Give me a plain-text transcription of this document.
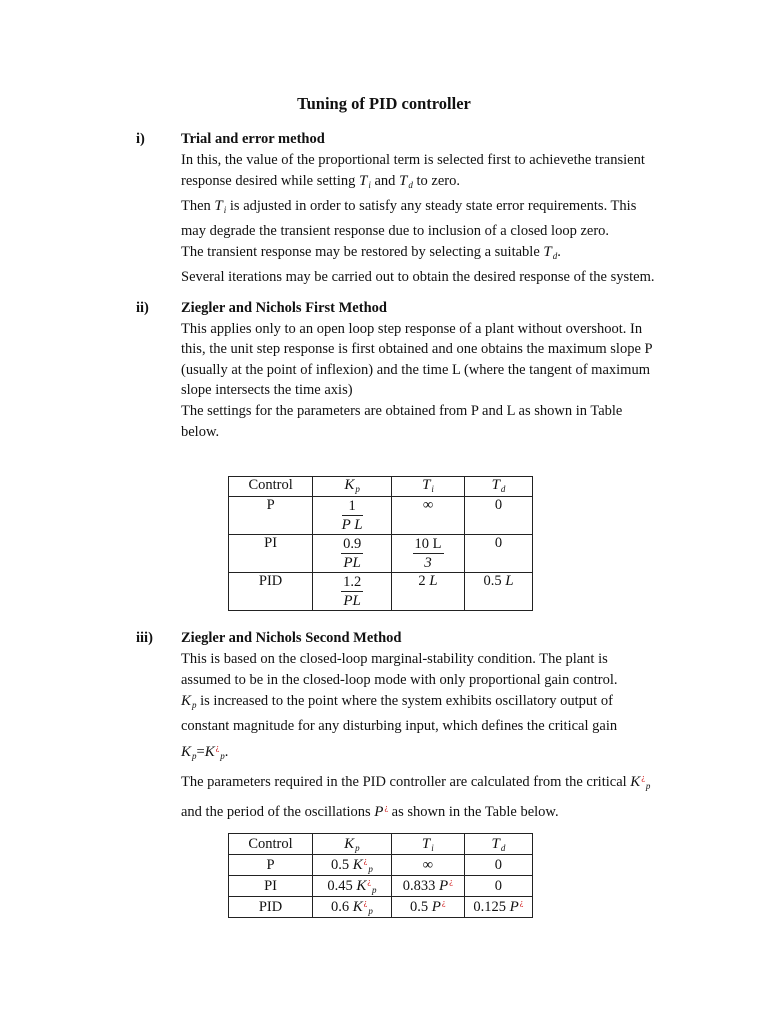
Tuning of PID controller
i) Trial and error method
In this, the value of the proportional term is selected first to achievethe transient
response desired while setting $T_i$ and $T_d$ to zero.
Then $T_i$ is adjusted in order to satisfy any steady state error requirements. This
may degrade the transient response due to inclusion of a closed loop zero.
The transient response may be restored by selecting a suitable $T_d$.
Several iterations may be carried out to obtain the desired response of the system.
ii) Ziegler and Nichols First Method
This applies only to an open loop step response of a plant without overshoot. In
this, the unit step response is first obtained and one obtains the maximum slope P
(usually at the point of inflexion) and the time L (where the tangent of maximum
slope intersects the time axis)
The settings for the parameters are obtained from P and L as shown in Table
below.
iii) Ziegler and Nichols Second Method
This is based on the closed-loop marginal-stability condition. The plant is
assumed to be in the closed-loop mode with only proportional gain control.
$K_p$ is increased to the point where the system exhibits oscillatory output of
constant magnitude for any disturbing input, which defines the critical gain
$K_p=K^¿_p$.
The parameters required in the PID controller are calculated from the critical $K^¿_p$
and the period of the oscillations P¿ as shown in the Table below.
Control	$K_p$	$T_i$	$T_d$
P	$\frac{1}{\text{P L}}$	∞	0
PI	$\frac{0.9}{PL}$	$\frac{10 L}{3}$	0
PID	$\frac{1.2}{PL}$	2 L	0.5 L
Control	$K_p$	$T_i$	$T_d$
P	0.5 $K^¿_p$	∞	0
PI	0.45 $K^¿_p$	0.833 P¿	0
PID	0.6 $K^¿_p$	0.5 P¿	0.125 P¿
